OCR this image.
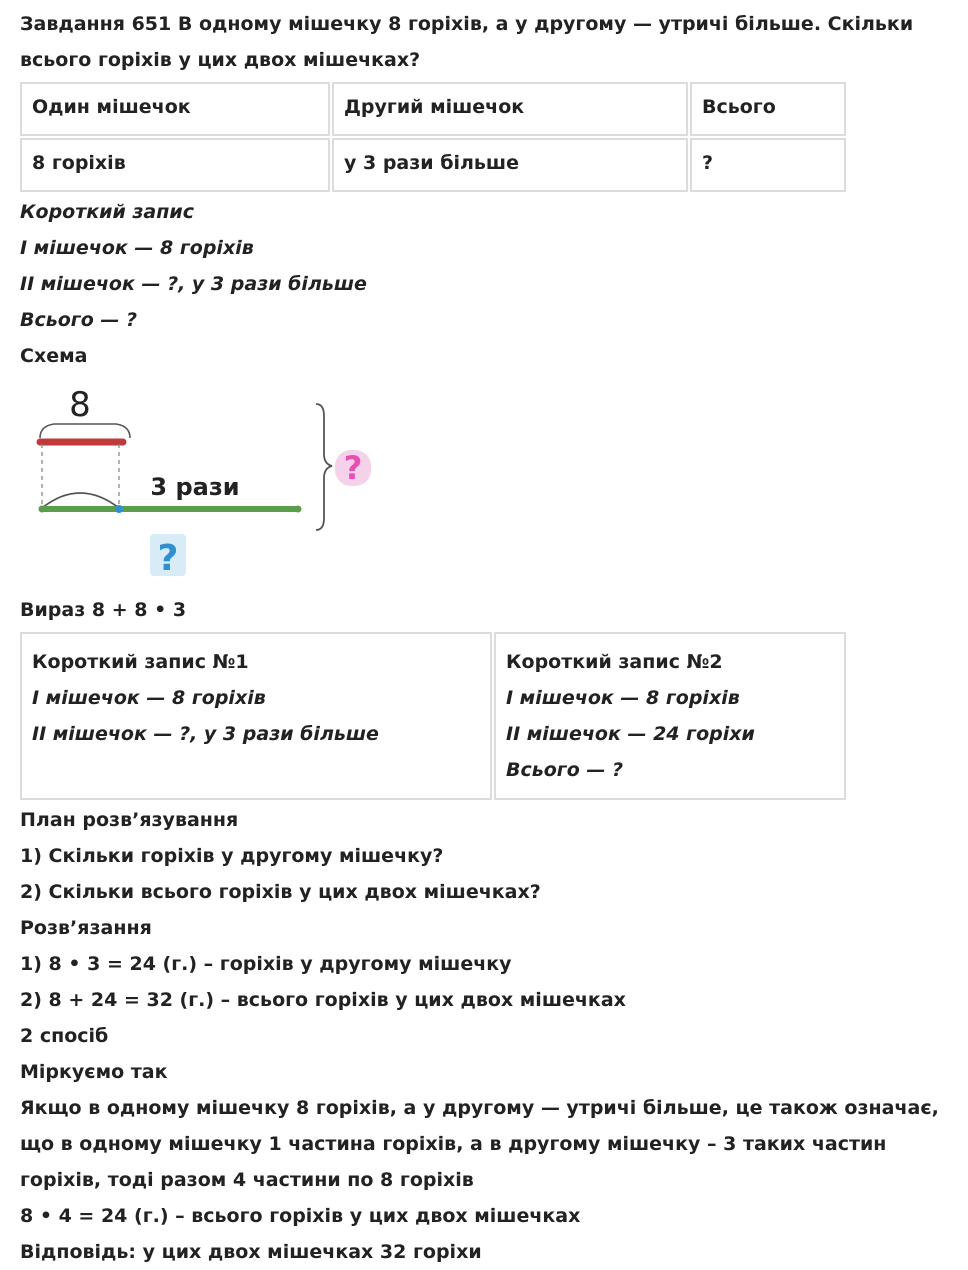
Завдання 651 В одному мішечку 8 горіхів, а у другому — утричі більше. Скільки всього горіхів у цих двох мішечках?

Один мішечок	Другий мішечок	Всього
8 горіхів	у 3 рази більше	?

Короткий запис

І мішечок — 8 горіхів

ІІ мішечок — ?, у 3 рази більше

Всього — ?

Схема

8
3 рази	?
?

Вираз 8 + 8 • 3

Короткий запис №1
І мішечок — 8 горіхів
ІІ мішечок — ?, у 3 рази більше

Короткий запис №2
І мішечок — 8 горіхів
ІІ мішечок — 24 горіхи
Всього — ?

План розв’язування

1) Скільки горіхів у другому мішечку?

2) Скільки всього горіхів у цих двох мішечках?

Розв’язання

1) 8 • 3 = 24 (г.) – горіхів у другому мішечку

2) 8 + 24 = 32 (г.) – всього горіхів у цих двох мішечках

2 спосіб

Міркуємо так

Якщо в одному мішечку 8 горіхів, а у другому — утричі більше, це також означає, що в одному мішечку 1 частина горіхів, а в другому мішечку – 3 таких частин горіхів, тоді разом 4 частини по 8 горіхів

8 • 4 = 24 (г.) – всього горіхів у цих двох мішечках

Відповідь: у цих двох мішечках 32 горіхи
